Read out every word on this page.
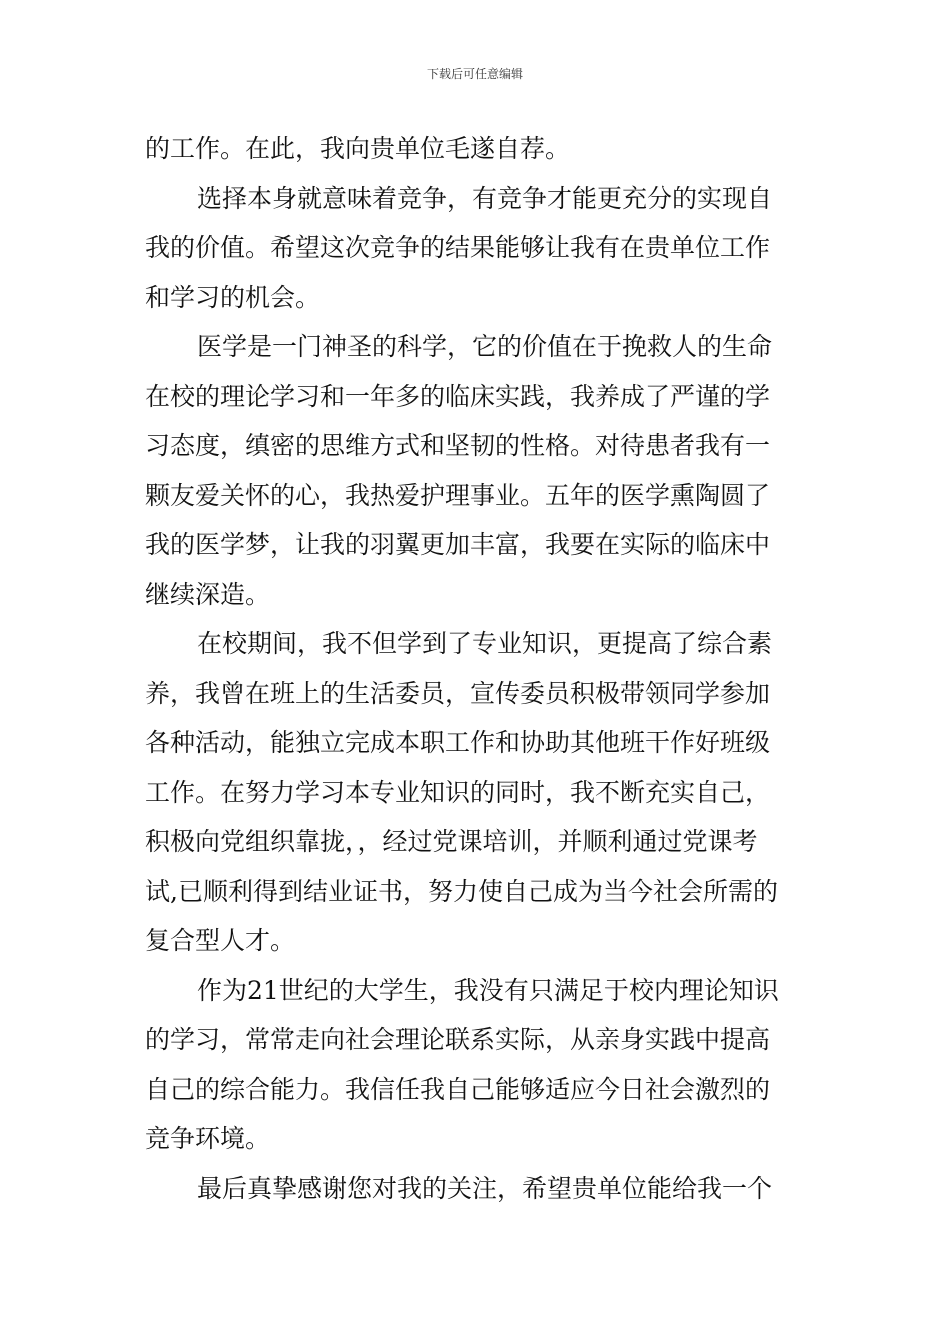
下载后可任意编辑
的工作。在此，我向贵单位毛遂自荐。
选择本身就意味着竞争，有竞争才能更充分的实现自
我的价值。希望这次竞争的结果能够让我有在贵单位工作
和学习的机会。
医学是一门神圣的科学，它的价值在于挽救人的生命
在校的理论学习和一年多的临床实践，我养成了严谨的学
习态度，缜密的思维方式和坚韧的性格。对待患者我有一
颗友爱关怀的心，我热爱护理事业。五年的医学熏陶圆了
我的医学梦，让我的羽翼更加丰富，我要在实际的临床中
继续深造。
在校期间，我不但学到了专业知识，更提高了综合素
养，我曾在班上的生活委员，宣传委员积极带领同学参加
各种活动，能独立完成本职工作和协助其他班干作好班级
工作。在努力学习本专业知识的同时，我不断充实自己，
积极向党组织靠拢，，经过党课培训，并顺利通过党课考
试,已顺利得到结业证书，努力使自己成为当今社会所需的
复合型人才。
作为21世纪的大学生，我没有只满足于校内理论知识
的学习，常常走向社会理论联系实际，从亲身实践中提高
自己的综合能力。我信任我自己能够适应今日社会激烈的
竞争环境。
最后真挚感谢您对我的关注，希望贵单位能给我一个
